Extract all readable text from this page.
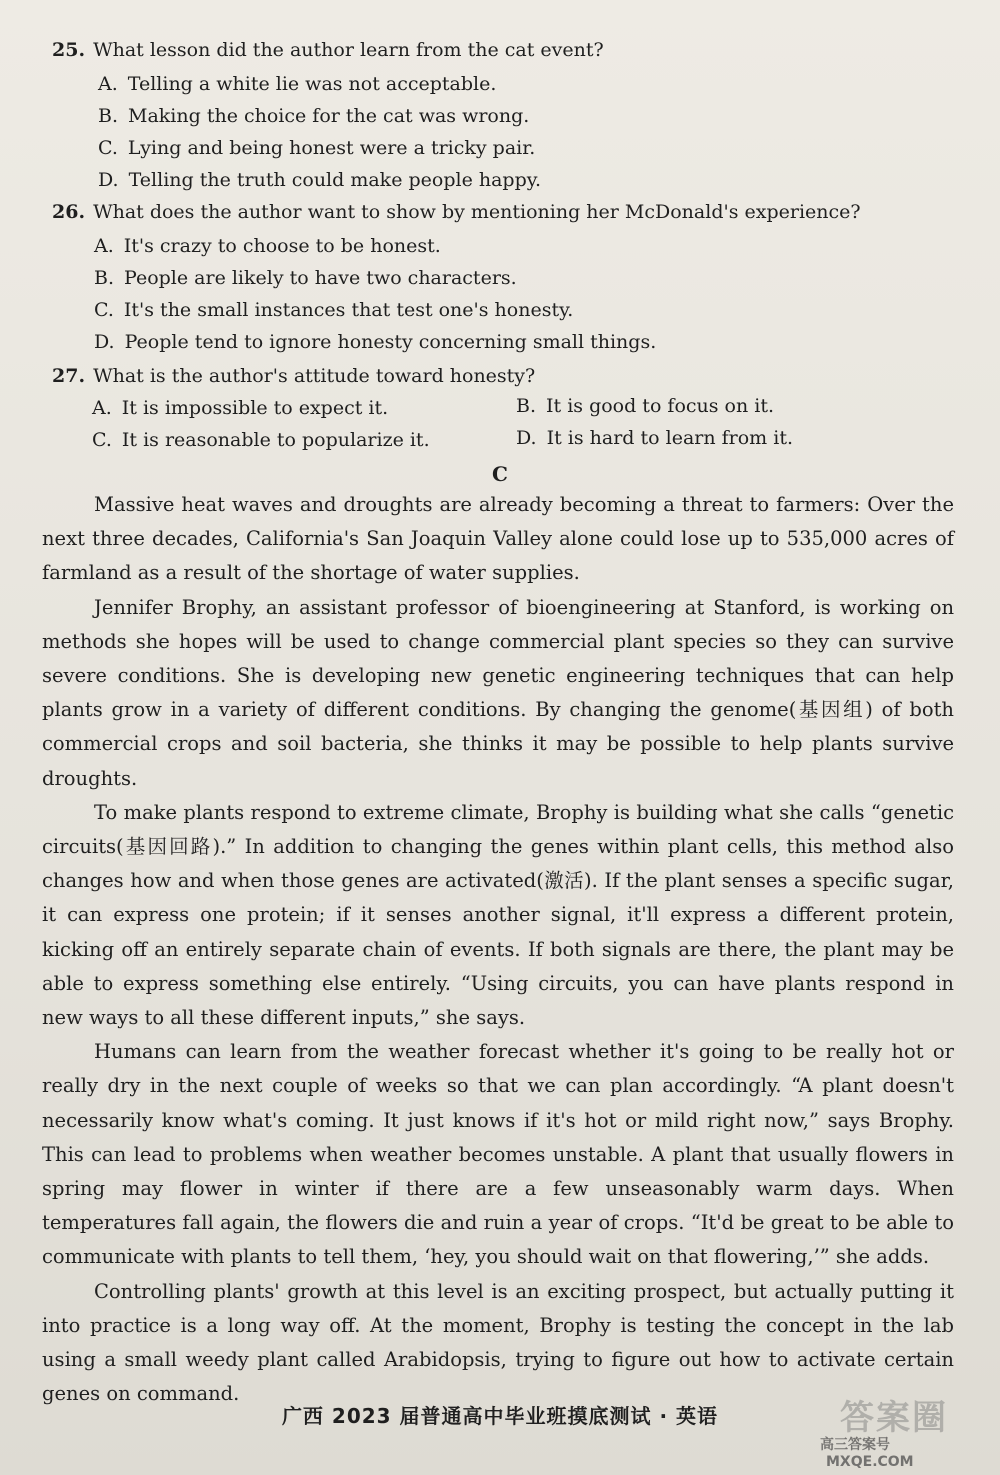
25. What lesson did the author learn from the cat event?
A. Telling a white lie was not acceptable.
B. Making the choice for the cat was wrong.
C. Lying and being honest were a tricky pair.
D. Telling the truth could make people happy.
26. What does the author want to show by mentioning her McDonald's experience?
A. It's crazy to choose to be honest.
B. People are likely to have two characters.
C. It's the small instances that test one's honesty.
D. People tend to ignore honesty concerning small things.
27. What is the author's attitude toward honesty?
A. It is impossible to expect it.	B. It is good to focus on it.
C. It is reasonable to popularize it.	D. It is hard to learn from it.
C

Massive heat waves and droughts are already becoming a threat to farmers: Over the next three decades, California's San Joaquin Valley alone could lose up to 535,000 acres of farmland as a result of the shortage of water supplies.

Jennifer Brophy, an assistant professor of bioengineering at Stanford, is working on methods she hopes will be used to change commercial plant species so they can survive severe conditions. She is developing new genetic engineering techniques that can help plants grow in a variety of different conditions. By changing the genome(基因组) of both commercial crops and soil bacteria, she thinks it may be possible to help plants survive droughts.

To make plants respond to extreme climate, Brophy is building what she calls “genetic circuits(基因回路).” In addition to changing the genes within plant cells, this method also changes how and when those genes are activated(激活). If the plant senses a specific sugar, it can express one protein; if it senses another signal, it'll express a different protein, kicking off an entirely separate chain of events. If both signals are there, the plant may be able to express something else entirely. “Using circuits, you can have plants respond in new ways to all these different inputs,” she says.

Humans can learn from the weather forecast whether it's going to be really hot or really dry in the next couple of weeks so that we can plan accordingly. “A plant doesn't necessarily know what's coming. It just knows if it's hot or mild right now,” says Brophy. This can lead to problems when weather becomes unstable. A plant that usually flowers in spring may flower in winter if there are a few unseasonably warm days. When temperatures fall again, the flowers die and ruin a year of crops. “It'd be great to be able to communicate with plants to tell them, ‘hey, you should wait on that flowering,’” she adds.

Controlling plants' growth at this level is an exciting prospect, but actually putting it into practice is a long way off. At the moment, Brophy is testing the concept in the lab using a small weedy plant called Arabidopsis, trying to figure out how to activate certain genes on command.

广西 2023 届普通高中毕业班摸底测试 · 英语	答案圈
高三答案号 MXQE.COM
